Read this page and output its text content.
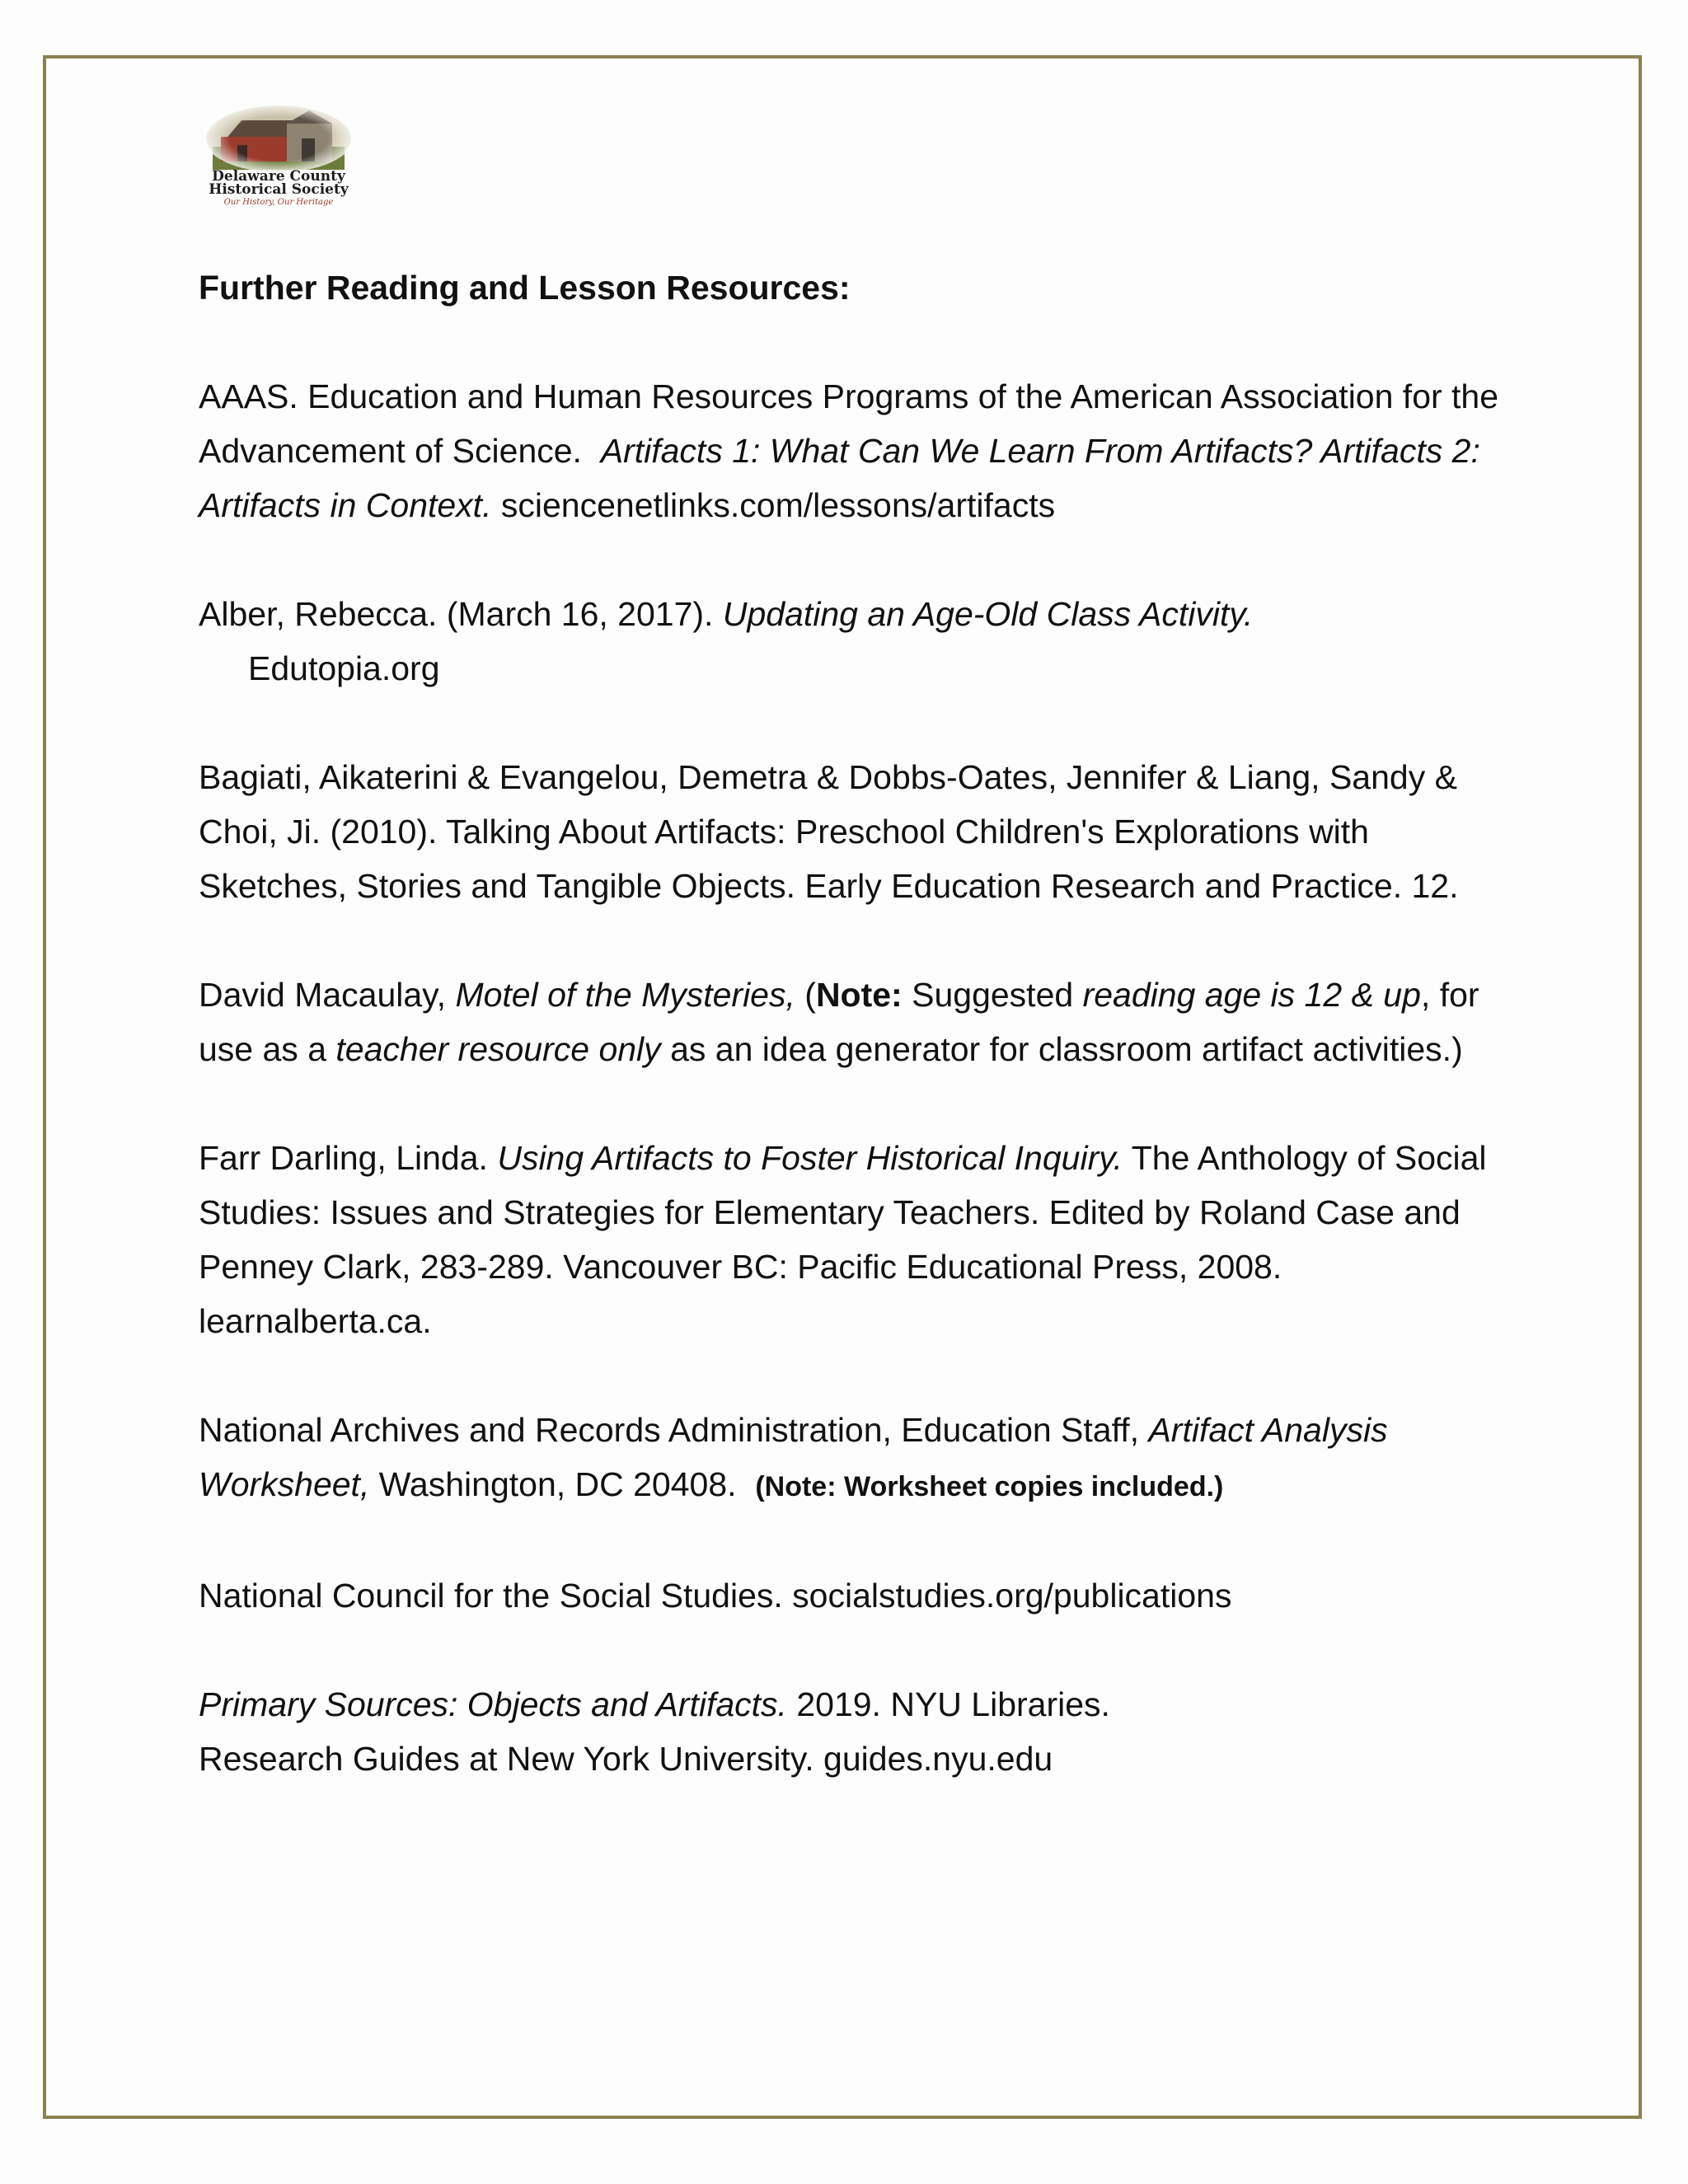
Delaware County
Historical Society
Our History, Our Heritage

Further Reading and Lesson Resources:

AAAS. Education and Human Resources Programs of the American Association for the Advancement of Science. Artifacts 1: What Can We Learn From Artifacts? Artifacts 2: Artifacts in Context. sciencenetlinks.com/lessons/artifacts

Alber, Rebecca. (March 16, 2017). Updating an Age-Old Class Activity.
Edutopia.org

Bagiati, Aikaterini & Evangelou, Demetra & Dobbs-Oates, Jennifer & Liang, Sandy & Choi, Ji. (2010). Talking About Artifacts: Preschool Children's Explorations with Sketches, Stories and Tangible Objects. Early Education Research and Practice. 12.

David Macaulay, Motel of the Mysteries, (Note: Suggested reading age is 12 & up, for use as a teacher resource only as an idea generator for classroom artifact activities.)

Farr Darling, Linda. Using Artifacts to Foster Historical Inquiry. The Anthology of Social Studies: Issues and Strategies for Elementary Teachers. Edited by Roland Case and Penney Clark, 283-289. Vancouver BC: Pacific Educational Press, 2008. learnalberta.ca.

National Archives and Records Administration, Education Staff, Artifact Analysis Worksheet, Washington, DC 20408. (Note: Worksheet copies included.)

National Council for the Social Studies. socialstudies.org/publications

Primary Sources: Objects and Artifacts. 2019. NYU Libraries.
Research Guides at New York University. guides.nyu.edu
